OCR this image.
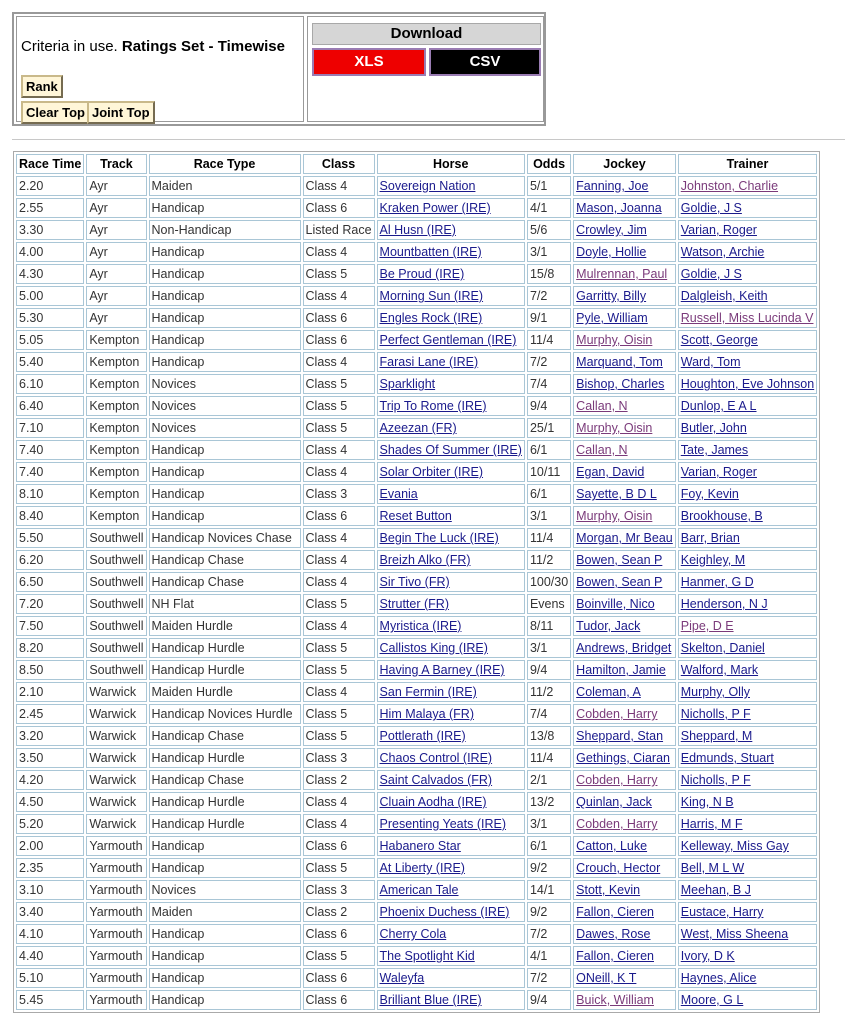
Criteria in use. Ratings Set - Timewise
Rank
Clear Top Joint Top
Download
XLS	CSV
Race Time	Track	Race Type	Class	Horse	Odds	Jockey	Trainer
2.20	Ayr	Maiden	Class 4	Sovereign Nation	5/1	Fanning, Joe	Johnston, Charlie
2.55	Ayr	Handicap	Class 6	Kraken Power (IRE)	4/1	Mason, Joanna	Goldie, J S
3.30	Ayr	Non-Handicap	Listed Race	Al Husn (IRE)	5/6	Crowley, Jim	Varian, Roger
4.00	Ayr	Handicap	Class 4	Mountbatten (IRE)	3/1	Doyle, Hollie	Watson, Archie
4.30	Ayr	Handicap	Class 5	Be Proud (IRE)	15/8	Mulrennan, Paul	Goldie, J S
5.00	Ayr	Handicap	Class 4	Morning Sun (IRE)	7/2	Garritty, Billy	Dalgleish, Keith
5.30	Ayr	Handicap	Class 6	Engles Rock (IRE)	9/1	Pyle, William	Russell, Miss Lucinda V
5.05	Kempton	Handicap	Class 6	Perfect Gentleman (IRE)	11/4	Murphy, Oisin	Scott, George
5.40	Kempton	Handicap	Class 4	Farasi Lane (IRE)	7/2	Marquand, Tom	Ward, Tom
6.10	Kempton	Novices	Class 5	Sparklight	7/4	Bishop, Charles	Houghton, Eve Johnson
6.40	Kempton	Novices	Class 5	Trip To Rome (IRE)	9/4	Callan, N	Dunlop, E A L
7.10	Kempton	Novices	Class 5	Azeezan (FR)	25/1	Murphy, Oisin	Butler, John
7.40	Kempton	Handicap	Class 4	Shades Of Summer (IRE)	6/1	Callan, N	Tate, James
7.40	Kempton	Handicap	Class 4	Solar Orbiter (IRE)	10/11	Egan, David	Varian, Roger
8.10	Kempton	Handicap	Class 3	Evania	6/1	Sayette, B D L	Foy, Kevin
8.40	Kempton	Handicap	Class 6	Reset Button	3/1	Murphy, Oisin	Brookhouse, B
5.50	Southwell	Handicap Novices Chase	Class 4	Begin The Luck (IRE)	11/4	Morgan, Mr Beau	Barr, Brian
6.20	Southwell	Handicap Chase	Class 4	Breizh Alko (FR)	11/2	Bowen, Sean P	Keighley, M
6.50	Southwell	Handicap Chase	Class 4	Sir Tivo (FR)	100/30	Bowen, Sean P	Hanmer, G D
7.20	Southwell	NH Flat	Class 5	Strutter (FR)	Evens	Boinville, Nico	Henderson, N J
7.50	Southwell	Maiden Hurdle	Class 4	Myristica (IRE)	8/11	Tudor, Jack	Pipe, D E
8.20	Southwell	Handicap Hurdle	Class 5	Callistos King (IRE)	3/1	Andrews, Bridget	Skelton, Daniel
8.50	Southwell	Handicap Hurdle	Class 5	Having A Barney (IRE)	9/4	Hamilton, Jamie	Walford, Mark
2.10	Warwick	Maiden Hurdle	Class 4	San Fermin (IRE)	11/2	Coleman, A	Murphy, Olly
2.45	Warwick	Handicap Novices Hurdle	Class 5	Him Malaya (FR)	7/4	Cobden, Harry	Nicholls, P F
3.20	Warwick	Handicap Chase	Class 5	Pottlerath (IRE)	13/8	Sheppard, Stan	Sheppard, M
3.50	Warwick	Handicap Hurdle	Class 3	Chaos Control (IRE)	11/4	Gethings, Ciaran	Edmunds, Stuart
4.20	Warwick	Handicap Chase	Class 2	Saint Calvados (FR)	2/1	Cobden, Harry	Nicholls, P F
4.50	Warwick	Handicap Hurdle	Class 4	Cluain Aodha (IRE)	13/2	Quinlan, Jack	King, N B
5.20	Warwick	Handicap Hurdle	Class 4	Presenting Yeats (IRE)	3/1	Cobden, Harry	Harris, M F
2.00	Yarmouth	Handicap	Class 6	Habanero Star	6/1	Catton, Luke	Kelleway, Miss Gay
2.35	Yarmouth	Handicap	Class 5	At Liberty (IRE)	9/2	Crouch, Hector	Bell, M L W
3.10	Yarmouth	Novices	Class 3	American Tale	14/1	Stott, Kevin	Meehan, B J
3.40	Yarmouth	Maiden	Class 2	Phoenix Duchess (IRE)	9/2	Fallon, Cieren	Eustace, Harry
4.10	Yarmouth	Handicap	Class 6	Cherry Cola	7/2	Dawes, Rose	West, Miss Sheena
4.40	Yarmouth	Handicap	Class 5	The Spotlight Kid	4/1	Fallon, Cieren	Ivory, D K
5.10	Yarmouth	Handicap	Class 6	Waleyfa	7/2	ONeill, K T	Haynes, Alice
5.45	Yarmouth	Handicap	Class 6	Brilliant Blue (IRE)	9/4	Buick, William	Moore, G L
